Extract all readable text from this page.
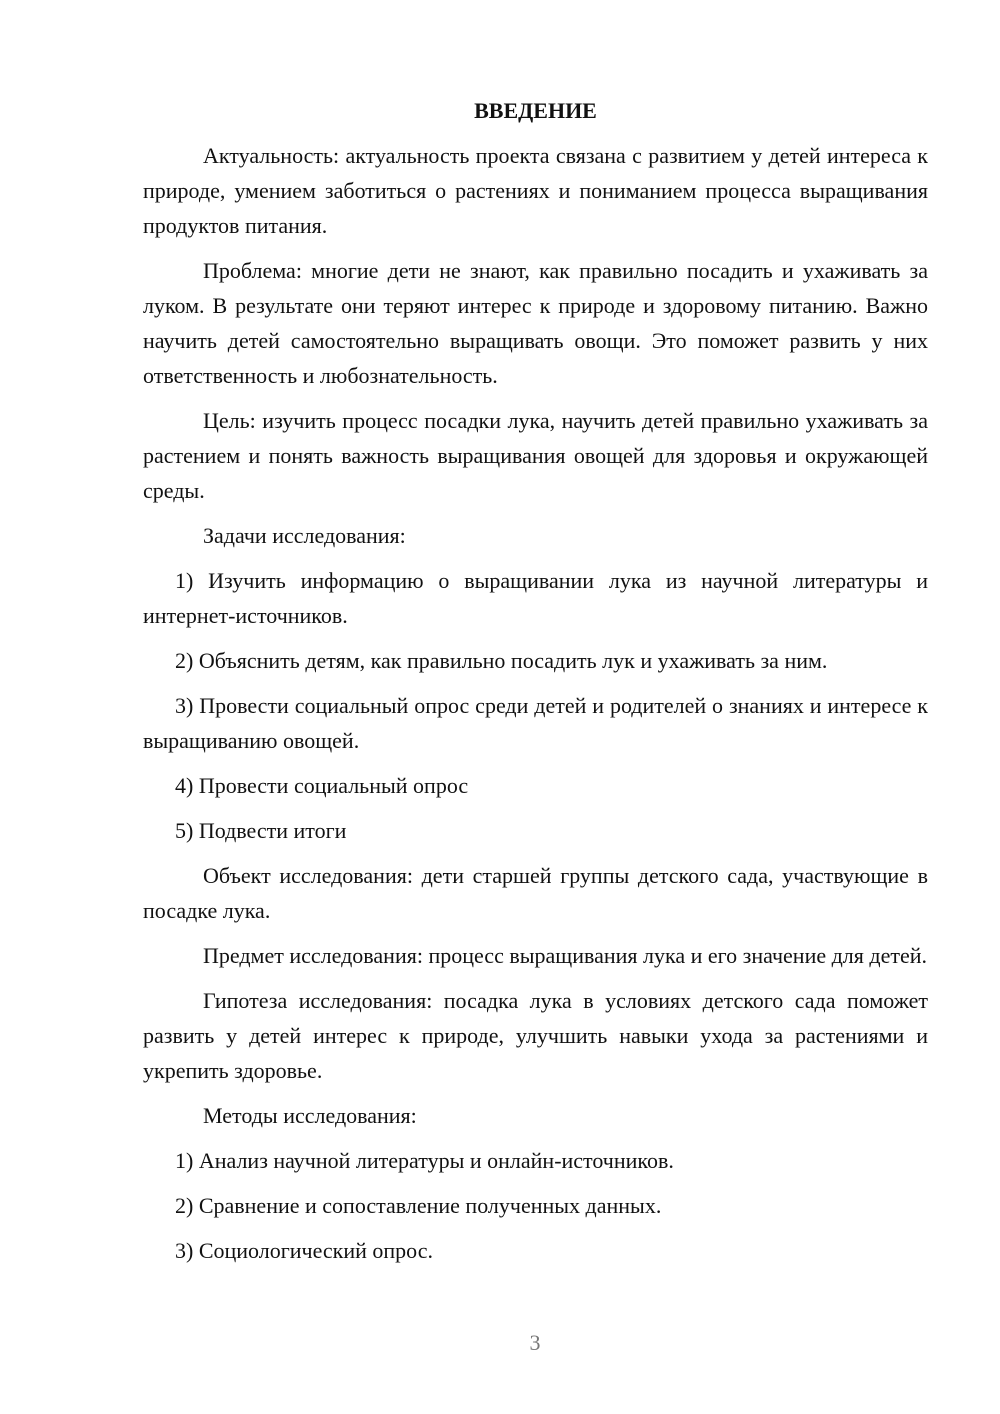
ВВЕДЕНИЕ

Актуальность: актуальность проекта связана с развитием у детей интереса к природе, умением заботиться о растениях и пониманием процесса выращивания продуктов питания.

Проблема: многие дети не знают, как правильно посадить и ухаживать за луком. В результате они теряют интерес к природе и здоровому питанию. Важно научить детей самостоятельно выращивать овощи. Это поможет развить у них ответственность и любознательность.

Цель: изучить процесс посадки лука, научить детей правильно ухаживать за растением и понять важность выращивания овощей для здоровья и окружающей среды.

Задачи исследования:

1) Изучить информацию о выращивании лука из научной литературы и интернет-источников.

2) Объяснить детям, как правильно посадить лук и ухаживать за ним.

3) Провести социальный опрос среди детей и родителей о знаниях и интересе к выращиванию овощей.

4) Провести социальный опрос

5) Подвести итоги

Объект исследования: дети старшей группы детского сада, участвующие в посадке лука.

Предмет исследования: процесс выращивания лука и его значение для детей.

Гипотеза исследования: посадка лука в условиях детского сада поможет развить у детей интерес к природе, улучшить навыки ухода за растениями и укрепить здоровье.

Методы исследования:

1) Анализ научной литературы и онлайн-источников.

2) Сравнение и сопоставление полученных данных.

3) Социологический опрос.

3
